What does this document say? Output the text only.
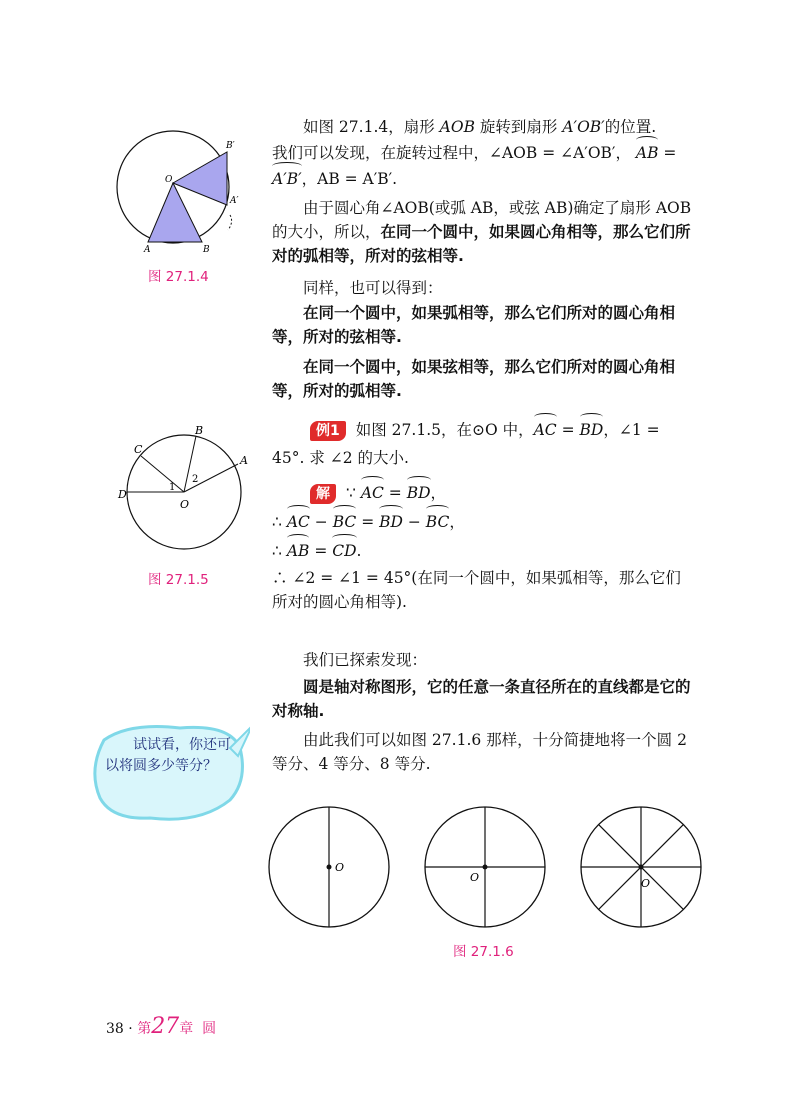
O
A	B
A′
B′
图 27.1.4

如图 27.1.4，扇形 AOB 旋转到扇形 A′OB′的位置.

我们可以发现，在旋转过程中，∠AOB = ∠A′OB′， AB =

A′B′，AB = A′B′.

由于圆心角∠AOB(或弧 AB，或弦 AB)确定了扇形 AOB 的大小，所以，在同一个圆中，如果圆心角相等，那么它们所对的弧相等，所对的弦相等.

同样，也可以得到：

在同一个圆中，如果弧相等，那么它们所对的圆心角相等，所对的弦相等.

在同一个圆中，如果弦相等，那么它们所对的圆心角相等，所对的弧相等.

D
C
B
A
O
1
2
图 27.1.5

例1 如图 27.1.5，在⊙O 中，AC = BD，∠1 =

45°. 求 ∠2 的大小.

解 ∵ AC = BD，

∴ AC − BC = BD − BC，

∴ AB = CD.

∴ ∠2 = ∠1 = 45°(在同一个圆中，如果弧相等，那么它们所对的圆心角相等).

我们已探索发现：

圆是轴对称图形，它的任意一条直径所在的直线都是它的对称轴.

由此我们可以如图 27.1.6 那样，十分简捷地将一个圆 2 等分、4 等分、8 等分.

试试看，你还可以将圆多少等分？
O
O	O
图 27.1.6
38 · 第27章 圆
